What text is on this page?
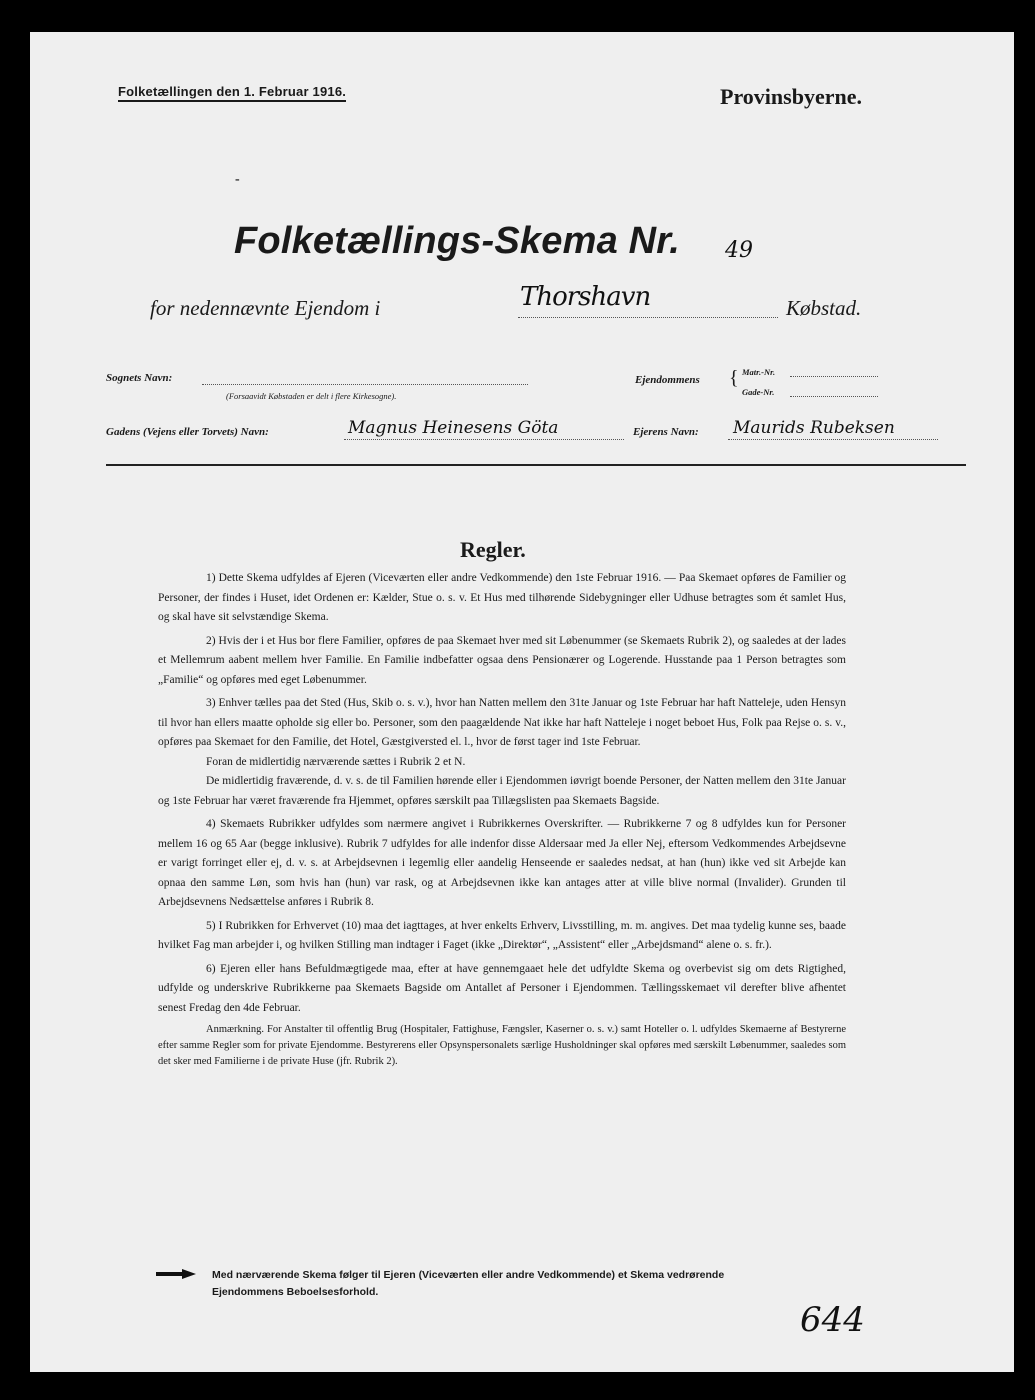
Folketællingen den 1. Februar 1916.	Provinsbyerne.
-
Folketællings-Skema Nr. 49
for nedennævnte Ejendom i	Thorshavn	Købstad.
Sognets Navn:
(Forsaavidt Købstaden er delt i flere Kirkesogne).
Ejendommens { Matr.-Nr.
Gade-Nr.
Gadens (Vejens eller Torvets) Navn:	Magnus Heinesens Göta	Ejerens Navn: Maurids Rubeksen
Regler.

1) Dette Skema udfyldes af Ejeren (Viceværten eller andre Vedkommende) den 1ste Februar 1916. — Paa Skemaet opføres de Familier og Personer, der findes i Huset, idet Ordenen er: Kælder, Stue o. s. v. Et Hus med tilhørende Sidebygninger eller Udhuse betragtes som ét samlet Hus, og skal have sit selvstændige Skema.

2) Hvis der i et Hus bor flere Familier, opføres de paa Skemaet hver med sit Løbenummer (se Skemaets Rubrik 2), og saaledes at der lades et Mellemrum aabent mellem hver Familie. En Familie indbefatter ogsaa dens Pensionærer og Logerende. Husstande paa 1 Person betragtes som „Familie“ og opføres med eget Løbenummer.

3) Enhver tælles paa det Sted (Hus, Skib o. s. v.), hvor han Natten mellem den 31te Januar og 1ste Februar har haft Natteleje, uden Hensyn til hvor han ellers maatte opholde sig eller bo. Personer, som den paagældende Nat ikke har haft Natteleje i noget beboet Hus, Folk paa Rejse o. s. v., opføres paa Skemaet for den Familie, det Hotel, Gæstgiversted el. l., hvor de først tager ind 1ste Februar.

Foran de midlertidig nærværende sættes i Rubrik 2 et N.

De midlertidig fraværende, d. v. s. de til Familien hørende eller i Ejendommen iøvrigt boende Personer, der Natten mellem den 31te Januar og 1ste Februar har været fraværende fra Hjemmet, opføres særskilt paa Tillægslisten paa Skemaets Bagside.

4) Skemaets Rubrikker udfyldes som nærmere angivet i Rubrikkernes Overskrifter. — Rubrikkerne 7 og 8 udfyldes kun for Personer mellem 16 og 65 Aar (begge inklusive). Rubrik 7 udfyldes for alle indenfor disse Aldersaar med Ja eller Nej, eftersom Vedkommendes Arbejdsevne er varigt forringet eller ej, d. v. s. at Arbejdsevnen i legemlig eller aandelig Henseende er saaledes nedsat, at han (hun) ikke ved sit Arbejde kan opnaa den samme Løn, som hvis han (hun) var rask, og at Arbejdsevnen ikke kan antages atter at ville blive normal (Invalider). Grunden til Arbejdsevnens Nedsættelse anføres i Rubrik 8.

5) I Rubrikken for Erhvervet (10) maa det iagttages, at hver enkelts Erhverv, Livsstilling, m. m. angives. Det maa tydelig kunne ses, baade hvilket Fag man arbejder i, og hvilken Stilling man indtager i Faget (ikke „Direktør“, „Assistent“ eller „Arbejdsmand“ alene o. s. fr.).

6) Ejeren eller hans Befuldmægtigede maa, efter at have gennemgaaet hele det udfyldte Skema og overbevist sig om dets Rigtighed, udfylde og underskrive Rubrikkerne paa Skemaets Bagside om Antallet af Personer i Ejendommen. Tællingsskemaet vil derefter blive afhentet senest Fredag den 4de Februar.

Anmærkning. For Anstalter til offentlig Brug (Hospitaler, Fattighuse, Fængsler, Kaserner o. s. v.) samt Hoteller o. l. udfyldes Skemaerne af Bestyrerne efter samme Regler som for private Ejendomme. Bestyrerens eller Opsynspersonalets særlige Husholdninger skal opføres med særskilt Løbenummer, saaledes som det sker med Familierne i de private Huse (jfr. Rubrik 2).

Med nærværende Skema følger til Ejeren (Viceværten eller andre Vedkommende) et Skema vedrørende
Ejendommens Beboelsesforhold.
644
